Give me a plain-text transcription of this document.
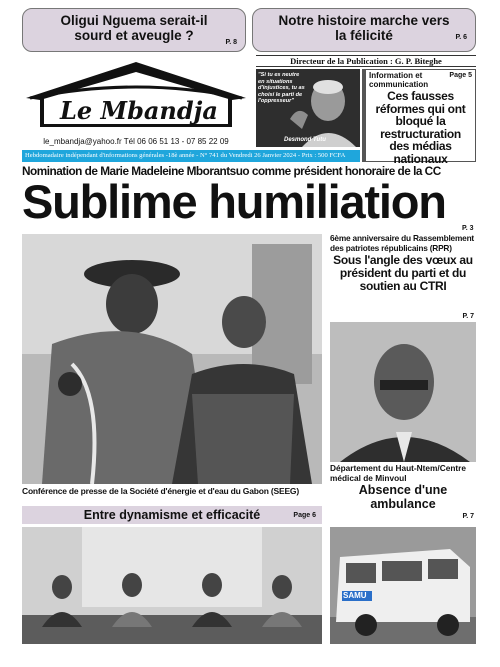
Oligui Nguema serait-il sourd et aveugle ?	P. 8
Notre histoire marche vers la félicité	P. 6
Le Mbandja
le_mbandja@yahoo.fr Tél 06 06 51 13 - 07 85 22 09
Directeur de la Publication : G. P. Biteghe
"Si tu es neutre en situations d'injustices, tu as choisi le parti de l'oppresseur"
Desmond Tutu
Information et communication
Page 5
Ces fausses réformes qui ont bloqué la restructuration des médias nationaux
Hebdomadaire indépendant d'informations générales -18è année - N° 741 du Vendredi 26 Janvier 2024 - Prix : 500 FCFA
Nomination de Marie Madeleine Mborantsuo comme président honoraire de la CC
Sublime humiliation
P. 3
6ème anniversaire du Rassemblement des patriotes républicains (RPR)
Sous l'angle des vœux au président du parti et du soutien au CTRI
P. 7
Département du Haut-Ntem/Centre médical de Minvoul
Absence d'une ambulance
P. 7
Conférence de presse de la Société d'énergie et d'eau du Gabon (SEEG)
Entre dynamisme et efficacité	Page 6
SAMU
